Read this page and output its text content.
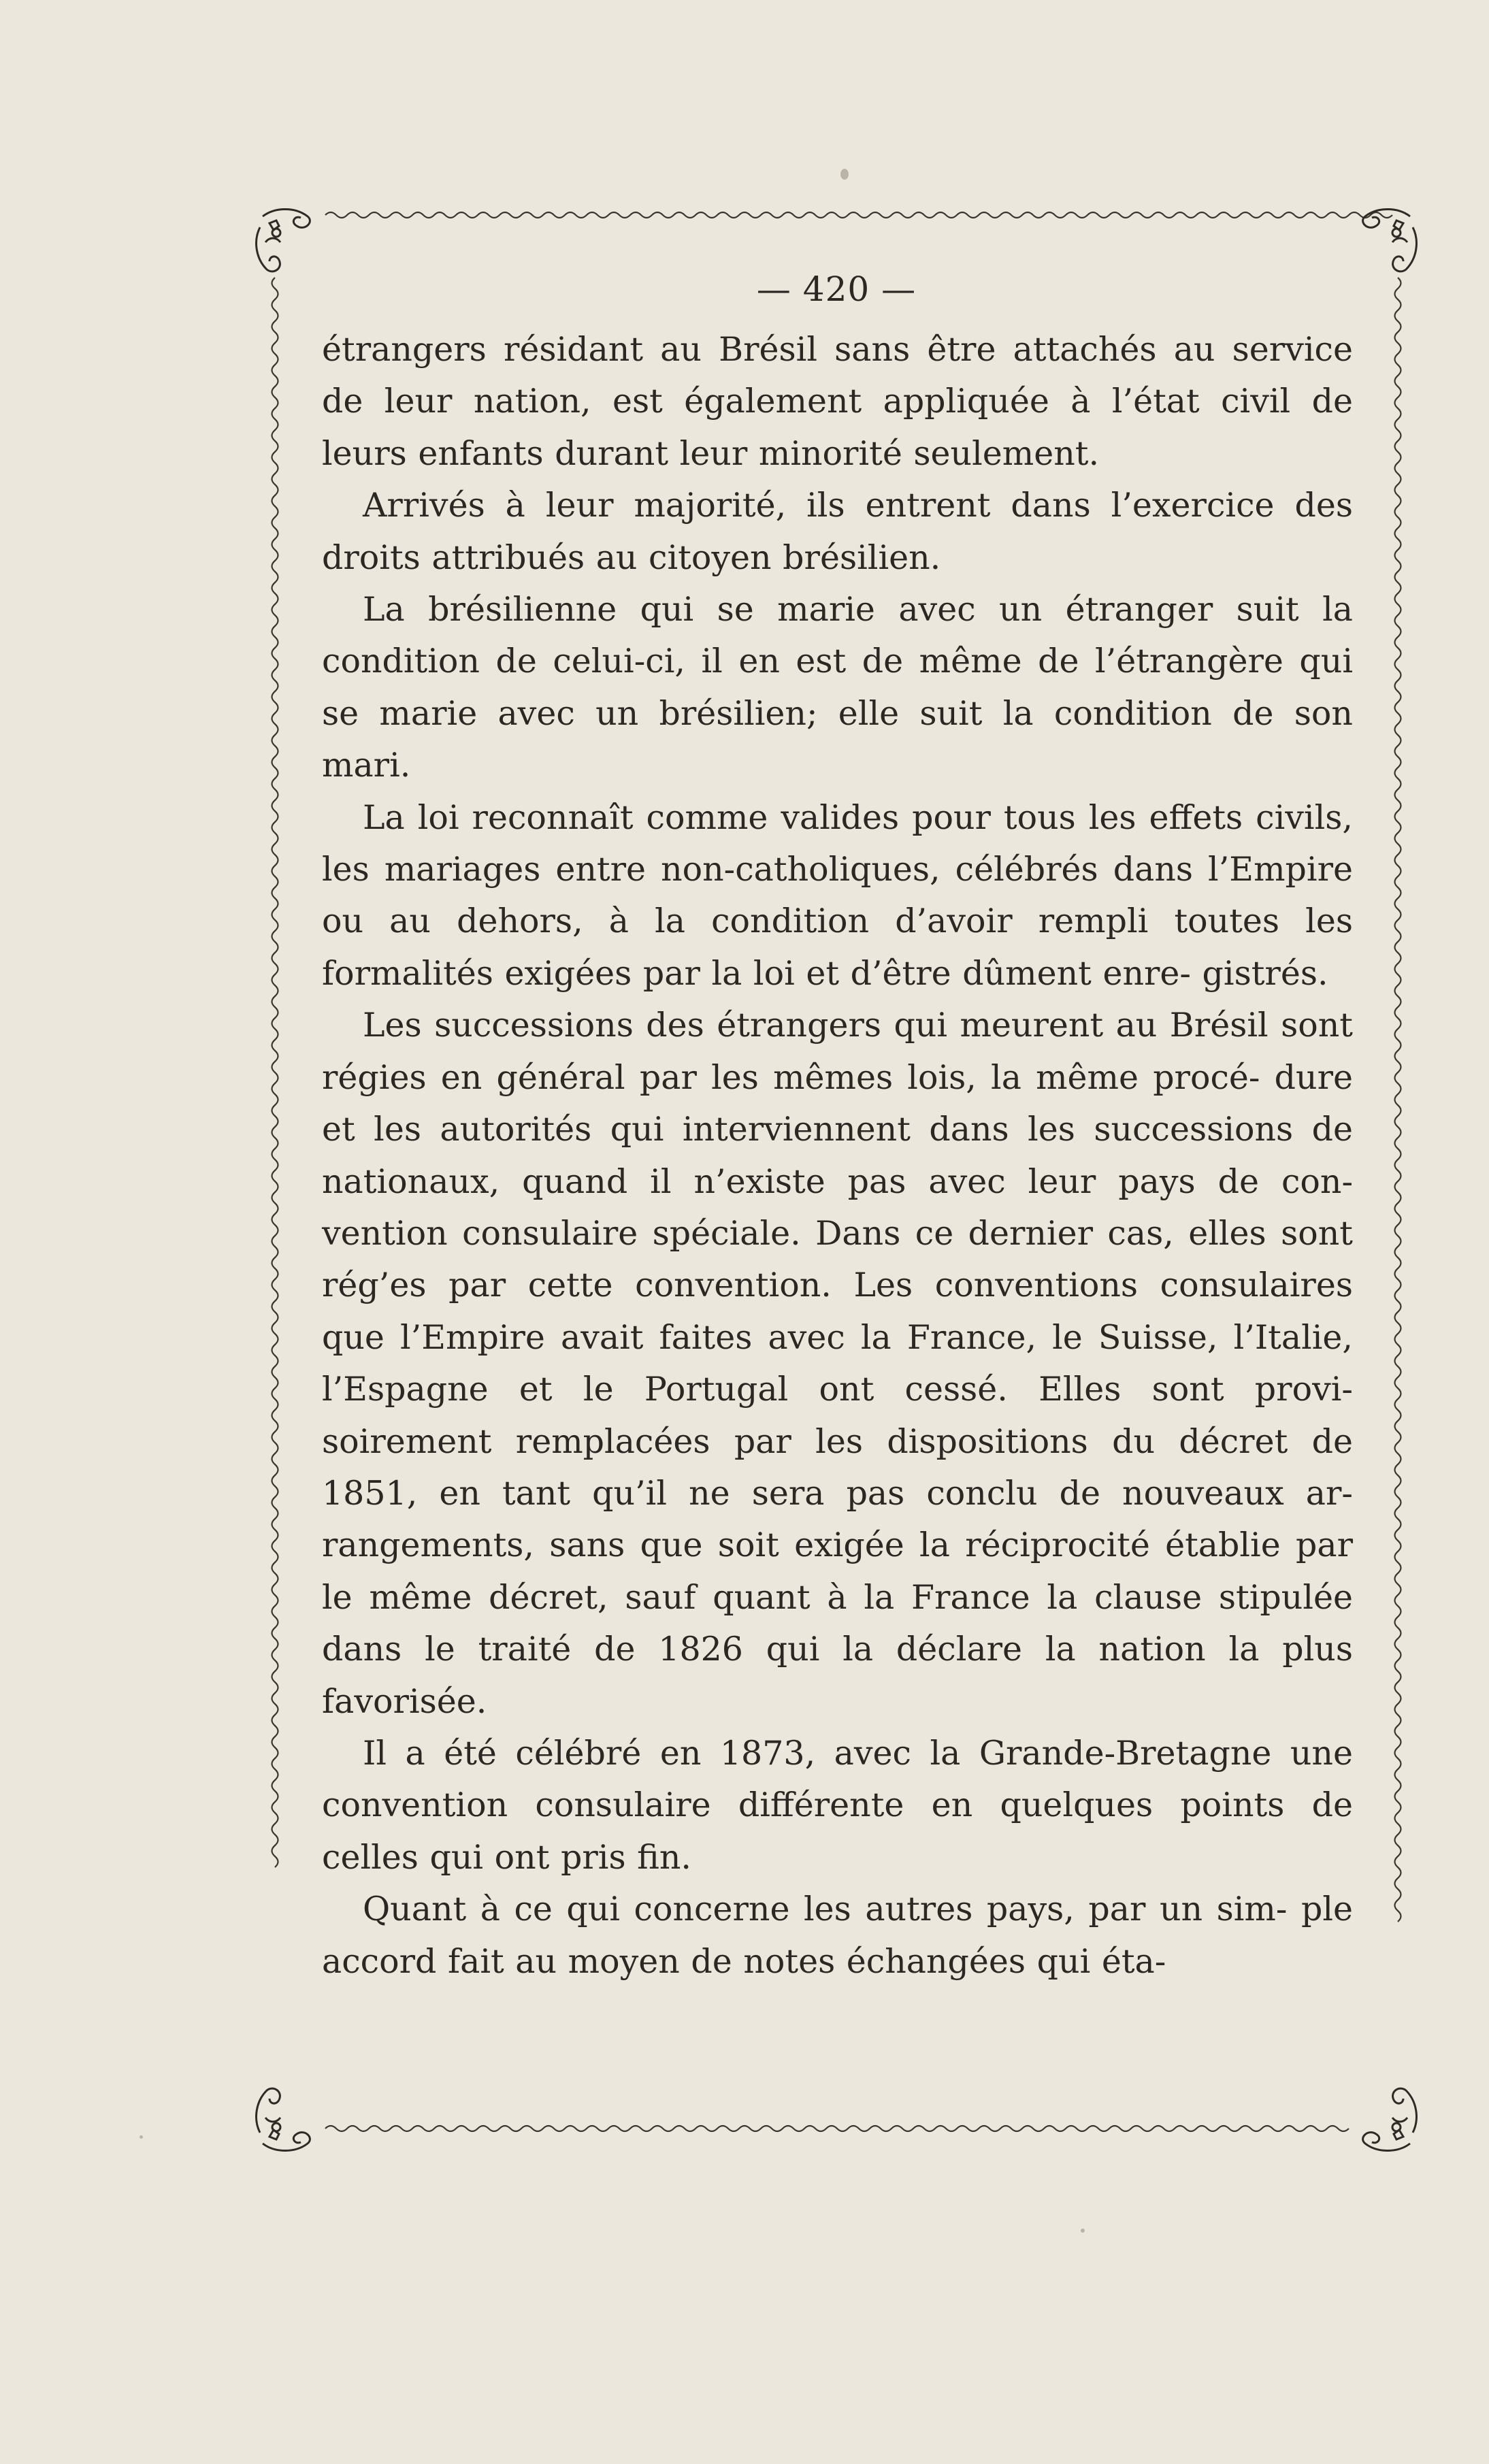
— 420 —

étrangers résidant au Brésil sans être attachés au service de leur nation, est également appliquée à l’état civil de leurs enfants durant leur minorité seulement.

Arrivés à leur majorité, ils entrent dans l’exercice des droits attribués au citoyen brésilien.

La brésilienne qui se marie avec un étranger suit la condition de celui-ci, il en est de même de l’étrangère qui se marie avec un brésilien; elle suit la condition de son mari.

La loi reconnaît comme valides pour tous les effets civils, les mariages entre non-catholiques, célébrés dans l’Empire ou au dehors, à la condition d’avoir rempli toutes les formalités exigées par la loi et d’être dûment enre- gistrés.

Les successions des étrangers qui meurent au Brésil sont régies en général par les mêmes lois, la même procé- dure et les autorités qui interviennent dans les successions de nationaux, quand il n’existe pas avec leur pays de con- vention consulaire spéciale. Dans ce dernier cas, elles sont rég’es par cette convention. Les conventions consulaires que l’Empire avait faites avec la France, le Suisse, l’Italie, l’Espagne et le Portugal ont cessé. Elles sont provi- soirement remplacées par les dispositions du décret de 1851, en tant qu’il ne sera pas conclu de nouveaux ar- rangements, sans que soit exigée la réciprocité établie par le même décret, sauf quant à la France la clause stipulée dans le traité de 1826 qui la déclare la nation la plus favorisée.

Il a été célébré en 1873, avec la Grande-Bretagne une convention consulaire différente en quelques points de celles qui ont pris fin.

Quant à ce qui concerne les autres pays, par un sim- ple accord fait au moyen de notes échangées qui éta-
